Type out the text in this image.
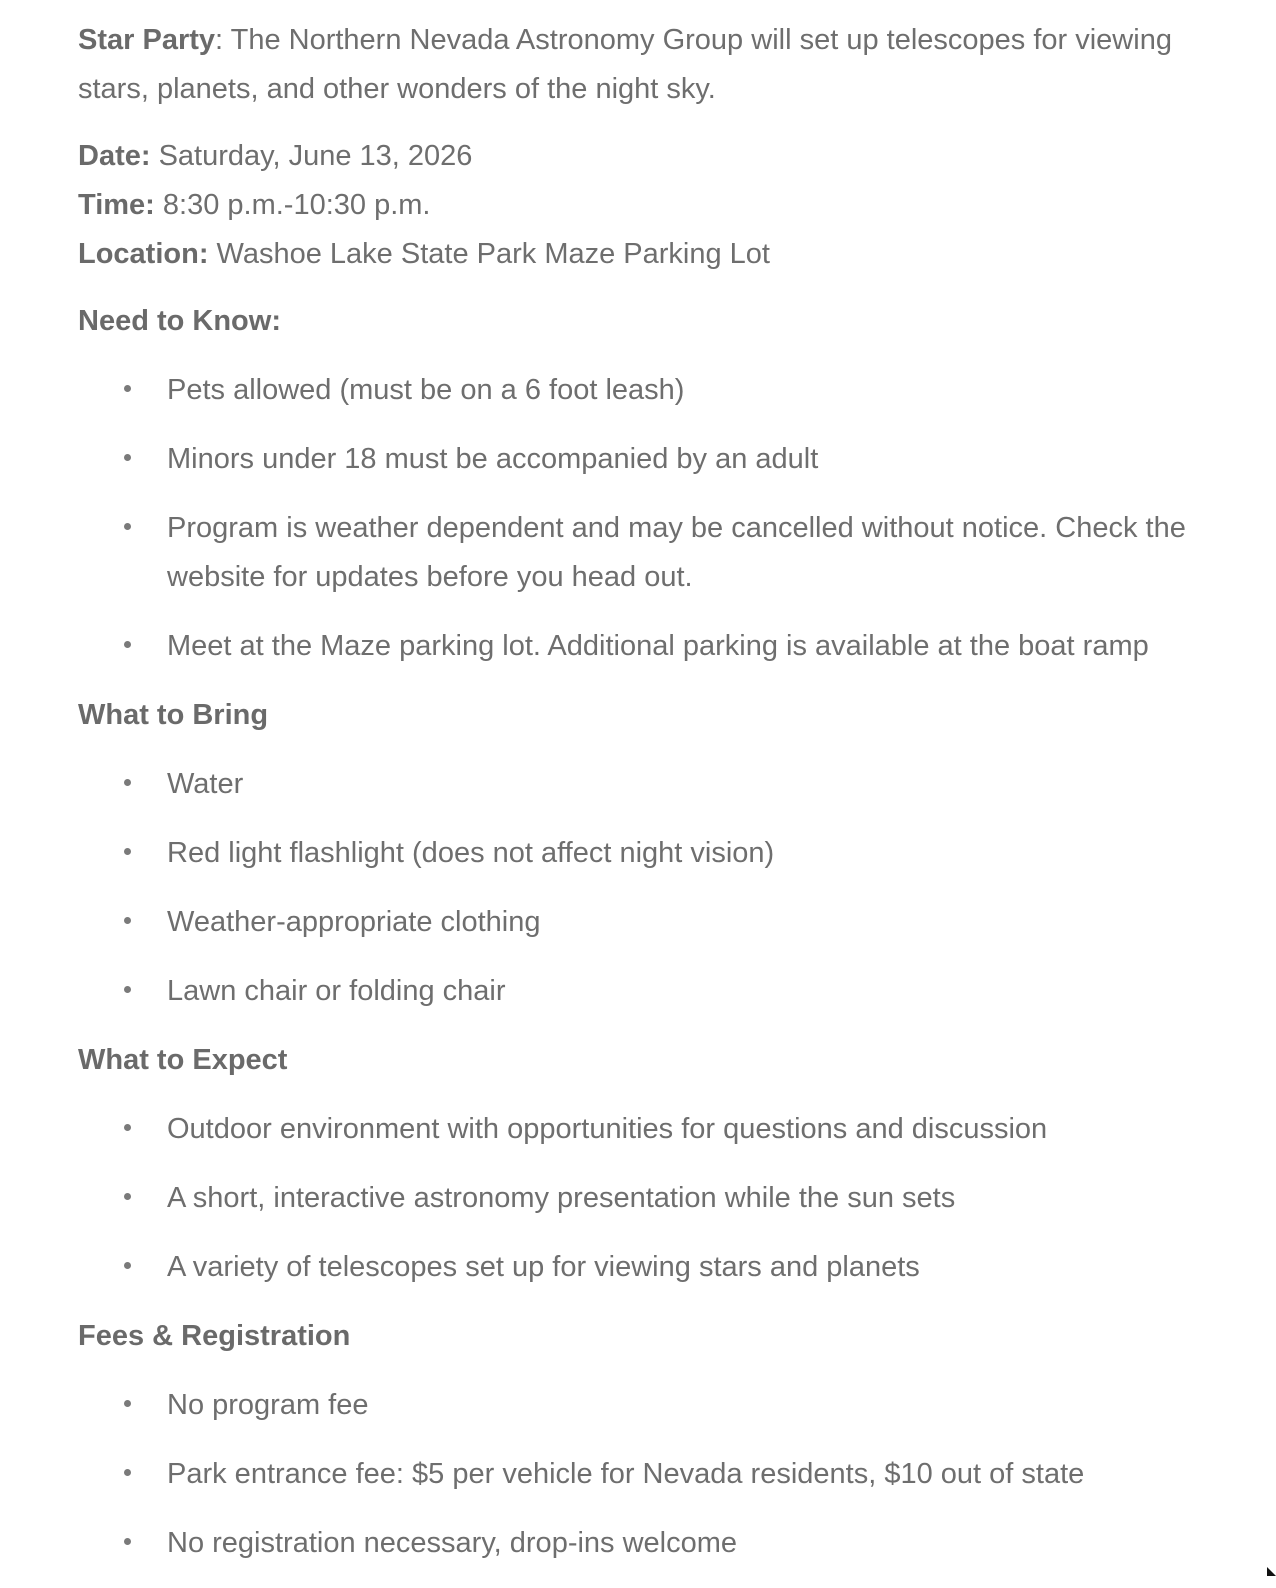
Star Party: The Northern Nevada Astronomy Group will set up telescopes for viewing stars, planets, and other wonders of the night sky.

Date: Saturday, June 13, 2026
Time: 8:30 p.m.-10:30 p.m.
Location: Washoe Lake State Park Maze Parking Lot
Need to Know:
Pets allowed (must be on a 6 foot leash)
Minors under 18 must be accompanied by an adult
Program is weather dependent and may be cancelled without notice. Check the website for updates before you head out.
Meet at the Maze parking lot. Additional parking is available at the boat ramp
What to Bring
Water
Red light flashlight (does not affect night vision)
Weather-appropriate clothing
Lawn chair or folding chair
What to Expect
Outdoor environment with opportunities for questions and discussion
A short, interactive astronomy presentation while the sun sets
A variety of telescopes set up for viewing stars and planets
Fees & Registration
No program fee
Park entrance fee: $5 per vehicle for Nevada residents, $10 out of state
No registration necessary, drop-ins welcome
